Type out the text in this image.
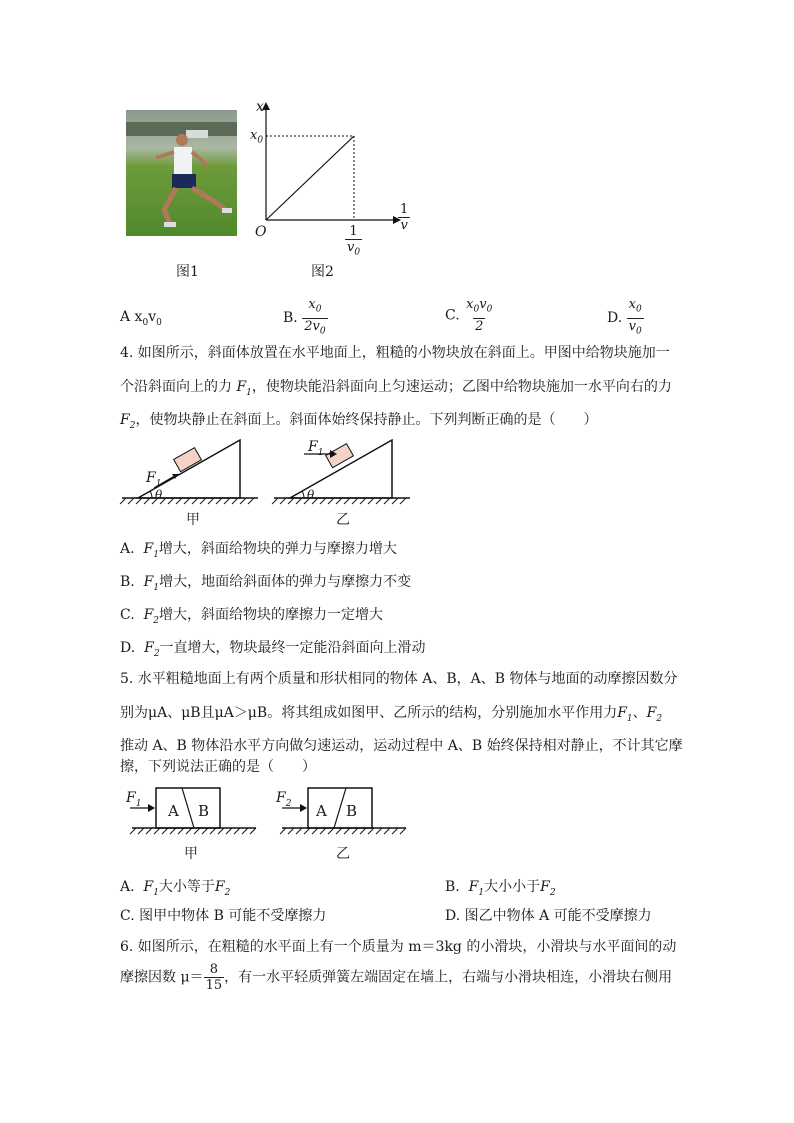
图1	图2
x
$x_0$
O	$\frac{1}{v}$
$\frac{1}{v_0}$
A $x_0v_0$	B. $\frac{x_0}{2v_0}$	C. $\frac{x_0v_0}{2}$	D. $\frac{x_0}{v_0}$
4. 如图所示，斜面体放置在水平地面上，粗糙的小物块放在斜面上。甲图中给物块施加一
个沿斜面向上的力 $F_1$，使物块能沿斜面向上匀速运动；乙图中给物块施加一水平向右的力
$F_2$，使物块静止在斜面上。斜面体始终保持静止。下列判断正确的是（　　）
$F_1$
θ
$F_1$
θ
甲	乙
A. $F_1$增大，斜面给物块的弹力与摩擦力增大
B. $F_1$增大，地面给斜面体的弹力与摩擦力不变
C. $F_2$增大，斜面给物块的摩擦力一定增大
D. $F_2$一直增大，物块最终一定能沿斜面向上滑动
5. 水平粗糙地面上有两个质量和形状相同的物体 A、B，A、B 物体与地面的动摩擦因数分
别为μA、μB且μA＞μB。将其组成如图甲、乙所示的结构，分别施加水平作用力$F_1$、$F_2$
推动 A、B 物体沿水平方向做匀速运动，运动过程中 A、B 始终保持相对静止，不计其它摩
擦，下列说法正确的是（　　）
$F_1$ A B
$F_2$ A B
甲	乙
A. $F_1$大小等于$F_2$	B. $F_1$大小小于$F_2$
C. 图甲中物体 B 可能不受摩擦力	D. 图乙中物体 A 可能不受摩擦力
6. 如图所示，在粗糙的水平面上有一个质量为 m＝3kg 的小滑块，小滑块与水平面间的动
摩擦因数 $\mu= \frac{8}{15}$ ，有一水平轻质弹簧左端固定在墙上，右端与小滑块相连，小滑块右侧用
